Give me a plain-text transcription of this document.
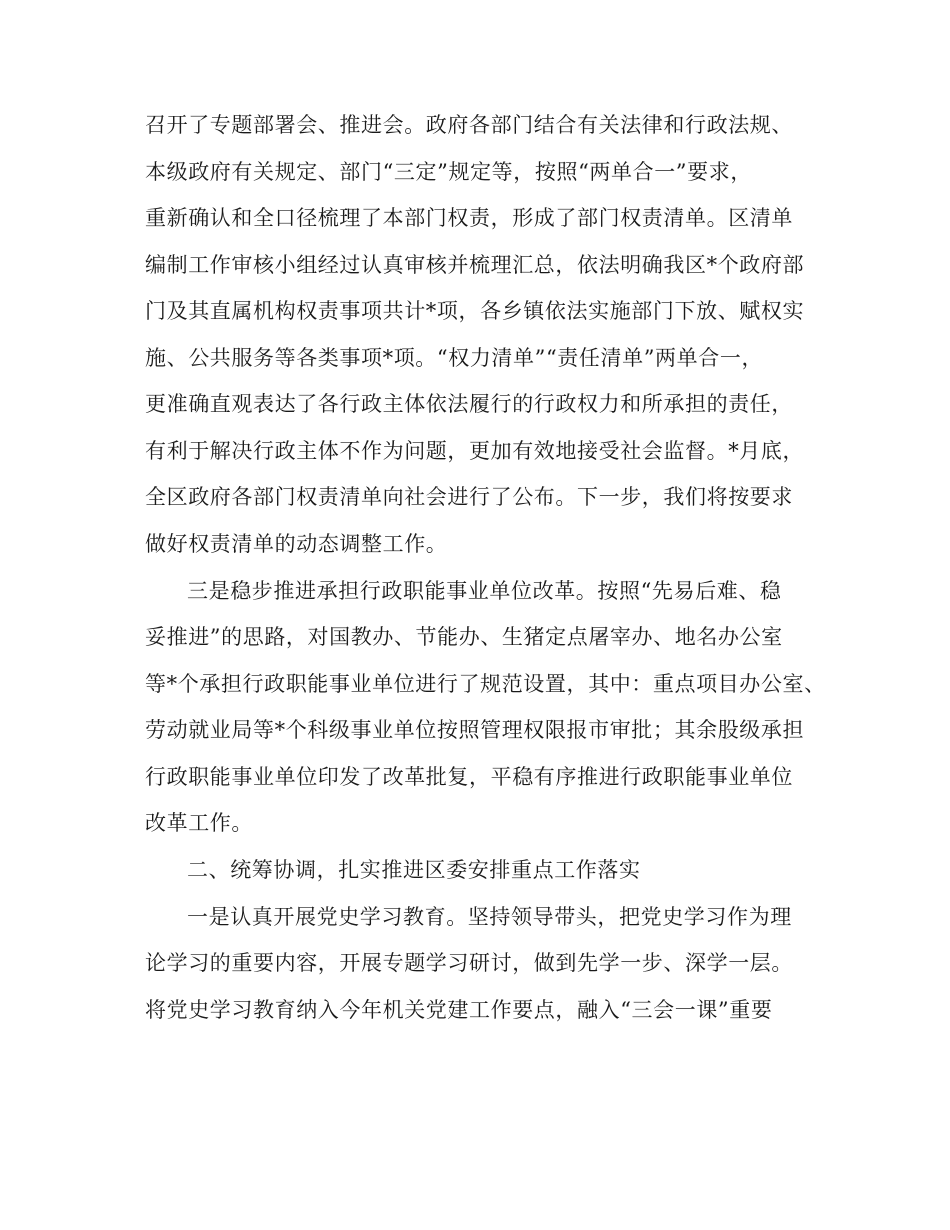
召开了专题部署会、推进会。政府各部门结合有关法律和行政法规、
本级政府有关规定、部门“三定”规定等，按照“两单合一”要求，
重新确认和全口径梳理了本部门权责，形成了部门权责清单。区清单
编制工作审核小组经过认真审核并梳理汇总，依法明确我区*个政府部
门及其直属机构权责事项共计*项，各乡镇依法实施部门下放、赋权实
施、公共服务等各类事项*项。“权力清单”“责任清单”两单合一，
更准确直观表达了各行政主体依法履行的行政权力和所承担的责任，
有利于解决行政主体不作为问题，更加有效地接受社会监督。*月底，
全区政府各部门权责清单向社会进行了公布。下一步，我们将按要求
做好权责清单的动态调整工作。
三是稳步推进承担行政职能事业单位改革。按照“先易后难、稳
妥推进”的思路，对国教办、节能办、生猪定点屠宰办、地名办公室
等*个承担行政职能事业单位进行了规范设置，其中：重点项目办公室、
劳动就业局等*个科级事业单位按照管理权限报市审批；其余股级承担
行政职能事业单位印发了改革批复，平稳有序推进行政职能事业单位
改革工作。
二、统筹协调，扎实推进区委安排重点工作落实
一是认真开展党史学习教育。坚持领导带头，把党史学习作为理
论学习的重要内容，开展专题学习研讨，做到先学一步、深学一层。
将党史学习教育纳入今年机关党建工作要点，融入“三会一课”重要
